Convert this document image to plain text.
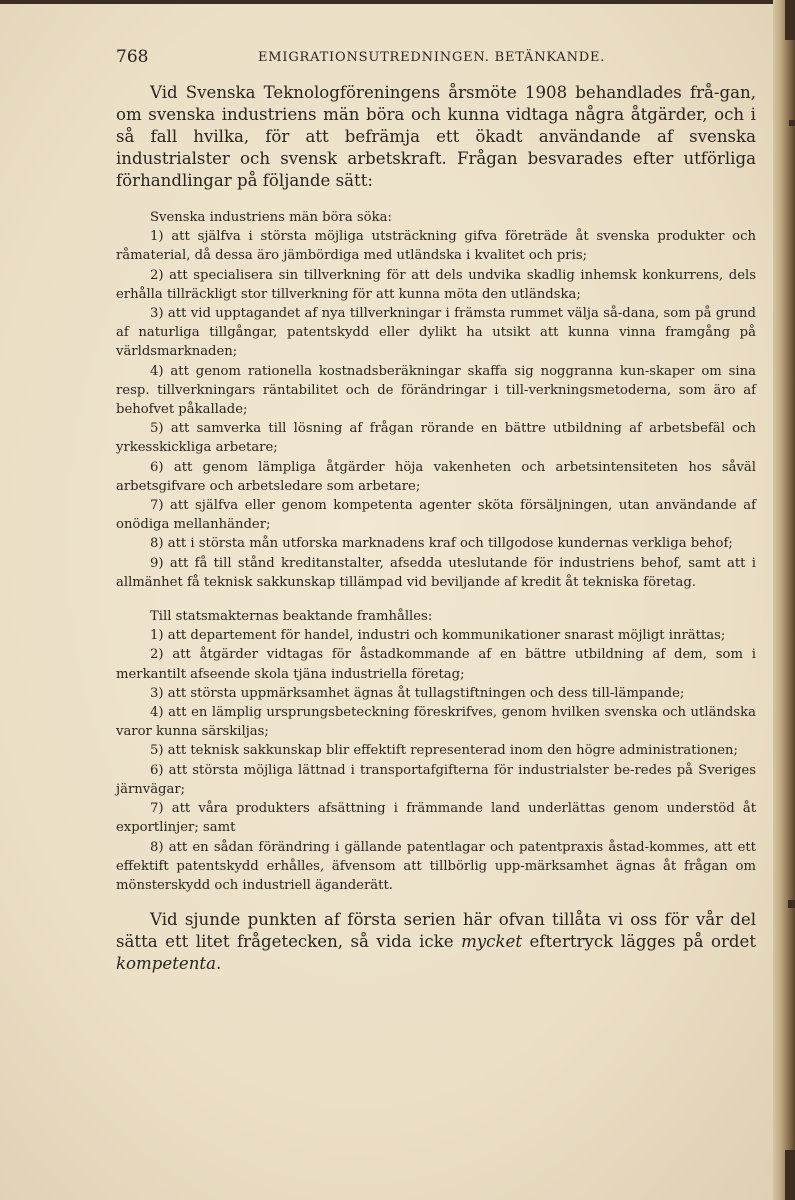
768	EMIGRATIONSUTREDNINGEN. BETÄNKANDE.

Vid Svenska Teknologföreningens årsmöte 1908 behandlades frå-gan, om svenska industriens män böra och kunna vidtaga några åtgärder, och i så fall hvilka, för att befrämja ett ökadt användande af svenska industrialster och svensk arbetskraft. Frågan besvarades efter utförliga förhandlingar på följande sätt:

Svenska industriens män böra söka:

1) att själfva i största möjliga utsträckning gifva företräde åt svenska produkter och råmaterial, då dessa äro jämbördiga med utländska i kvalitet och pris;

2) att specialisera sin tillverkning för att dels undvika skadlig inhemsk konkurrens, dels erhålla tillräckligt stor tillverkning för att kunna möta den utländska;

3) att vid upptagandet af nya tillverkningar i främsta rummet välja så-dana, som på grund af naturliga tillgångar, patentskydd eller dylikt ha utsikt att kunna vinna framgång på världsmarknaden;

4) att genom rationella kostnadsberäkningar skaffa sig noggranna kun-skaper om sina resp. tillverkningars räntabilitet och de förändringar i till-verkningsmetoderna, som äro af behofvet påkallade;

5) att samverka till lösning af frågan rörande en bättre utbildning af arbetsbefäl och yrkesskickliga arbetare;

6) att genom lämpliga åtgärder höja vakenheten och arbetsintensiteten hos såväl arbetsgifvare och arbetsledare som arbetare;

7) att själfva eller genom kompetenta agenter sköta försäljningen, utan användande af onödiga mellanhänder;

8) att i största mån utforska marknadens kraf och tillgodose kundernas verkliga behof;

9) att få till stånd kreditanstalter, afsedda uteslutande för industriens behof, samt att i allmänhet få teknisk sakkunskap tillämpad vid beviljande af kredit åt tekniska företag.

Till statsmakternas beaktande framhålles:

1) att departement för handel, industri och kommunikationer snarast möjligt inrättas;

2) att åtgärder vidtagas för åstadkommande af en bättre utbildning af dem, som i merkantilt afseende skola tjäna industriella företag;

3) att största uppmärksamhet ägnas åt tullagstiftningen och dess till-lämpande;

4) att en lämplig ursprungsbeteckning föreskrifves, genom hvilken svenska och utländska varor kunna särskiljas;

5) att teknisk sakkunskap blir effektift representerad inom den högre administrationen;

6) att största möjliga lättnad i transportafgifterna för industrialster be-redes på Sveriges järnvägar;

7) att våra produkters afsättning i främmande land underlättas genom understöd åt exportlinjer; samt

8) att en sådan förändring i gällande patentlagar och patentpraxis åstad-kommes, att ett effektift patentskydd erhålles, äfvensom att tillbörlig upp-märksamhet ägnas åt frågan om mönsterskydd och industriell äganderätt.

Vid sjunde punkten af första serien här ofvan tillåta vi oss för vår del sätta ett litet frågetecken, så vida icke mycket eftertryck lägges på ordet kompetenta.
